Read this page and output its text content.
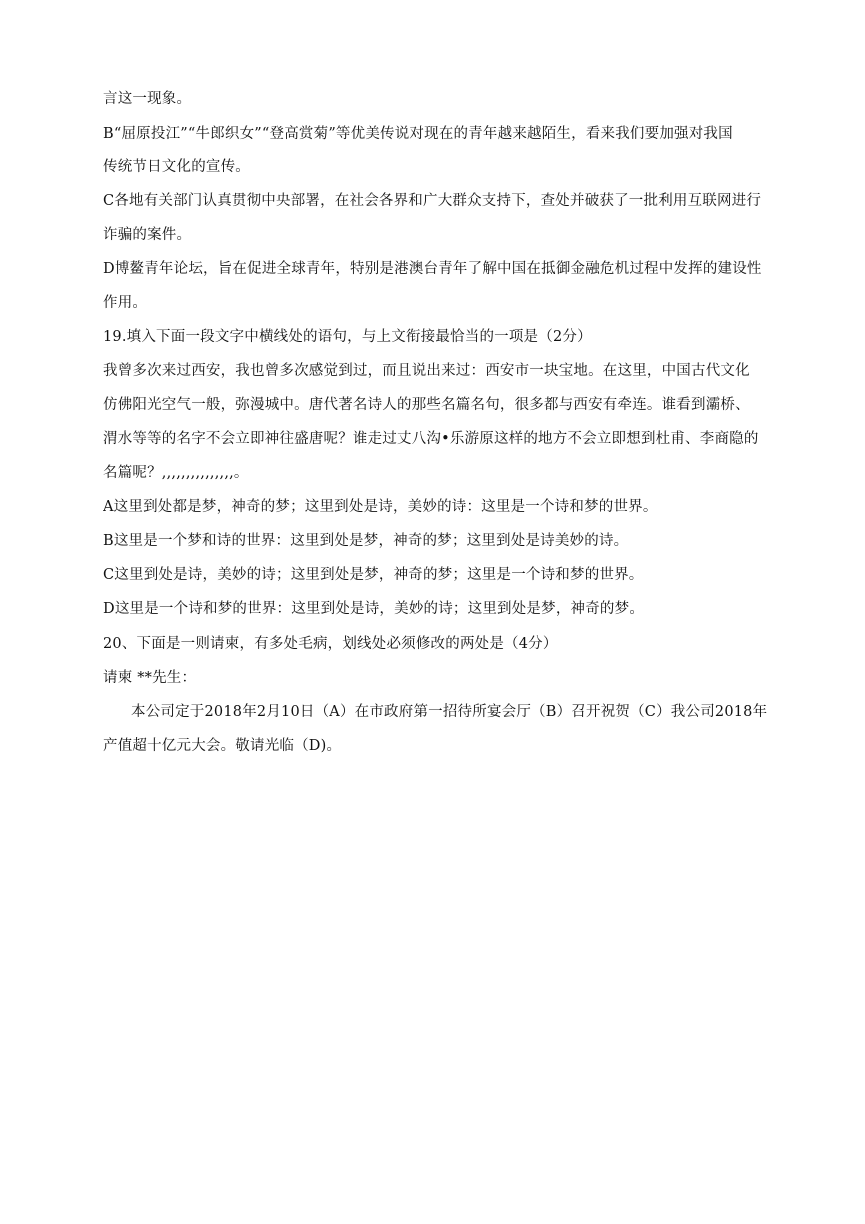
言这一现象。
B“屈原投江”“牛郎织女”“登高赏菊”等优美传说对现在的青年越来越陌生，看来我们要加强对我国
传统节日文化的宣传。
C各地有关部门认真贯彻中央部署，在社会各界和广大群众支持下，查处并破获了一批利用互联网进行
诈骗的案件。
D博鳌青年论坛，旨在促进全球青年，特别是港澳台青年了解中国在抵御金融危机过程中发挥的建设性
作用。
19.填入下面一段文字中横线处的语句，与上文衔接最恰当的一项是（2分）
我曾多次来过西安，我也曾多次感觉到过，而且说出来过：西安市一块宝地。在这里，中国古代文化
仿佛阳光空气一般，弥漫城中。唐代著名诗人的那些名篇名句，很多都与西安有牵连。谁看到灞桥、
渭水等等的名字不会立即神往盛唐呢？谁走过丈八沟•乐游原这样的地方不会立即想到杜甫、李商隐的
名篇呢？,,,,,,,,,,,,,,,。
A这里到处都是梦，神奇的梦；这里到处是诗，美妙的诗：这里是一个诗和梦的世界。
B这里是一个梦和诗的世界：这里到处是梦，神奇的梦；这里到处是诗美妙的诗。
C这里到处是诗，美妙的诗；这里到处是梦，神奇的梦；这里是一个诗和梦的世界。
D这里是一个诗和梦的世界：这里到处是诗，美妙的诗；这里到处是梦，神奇的梦。
20、下面是一则请柬，有多处毛病，划线处必须修改的两处是（4分）
请柬 **先生：
本公司定于2018年2月10日（A）在市政府第一招待所宴会厅（B）召开祝贺（C）我公司2018年
产值超十亿元大会。敬请光临（D)。
